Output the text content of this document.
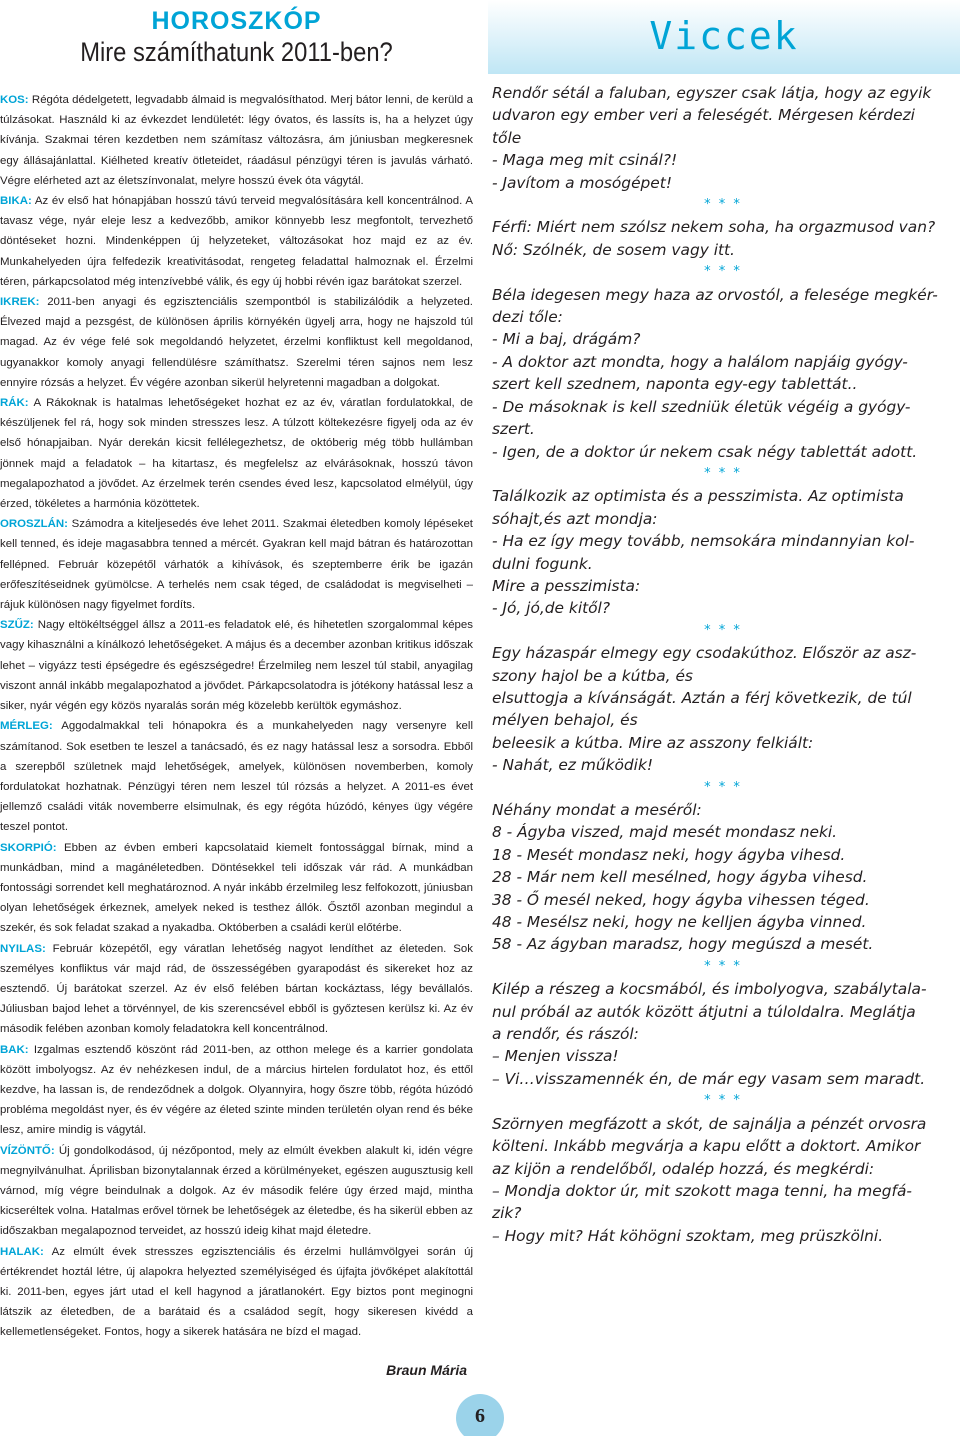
HOROSZKÓP
Mire számíthatunk 2011-ben?
KOS: Régóta dédelgetett, legvadabb álmaid is megvalósíthatod. Merj bátor lenni, de kerüld a túlzásokat. Használd ki az évkezdet lendületét: légy óvatos, és lassíts is, ha a helyzet úgy kívánja. Szakmai téren kezdetben nem számítasz változásra, ám júniusban megkeresnek egy állásajánlattal. Kiélheted kreatív ötleteidet, ráadásul pénzügyi téren is javulás várható. Végre elérheted azt az életszínvonalat, melyre hosszú évek óta vágytál.
BIKA: Az év első hat hónapjában hosszú távú terveid megvalósítására kell koncentrálnod. A tavasz vége, nyár eleje lesz a kedvezőbb, amikor könnyebb lesz megfontolt, tervezhető döntéseket hozni. Mindenképpen új helyzeteket, változásokat hoz majd ez az év. Munkahelyeden újra felfedezik kreativitásodat, rengeteg feladattal halmoznak el. Érzelmi téren, párkapcsolatod még intenzívebbé válik, és egy új hobbi révén igaz barátokat szerzel.
IKREK: 2011-ben anyagi és egzisztenciális szempontból is stabilizálódik a helyzeted. Élvezed majd a pezsgést, de különösen április környékén ügyelj arra, hogy ne hajszold túl magad. Az év vége felé sok megoldandó helyzetet, érzelmi konfliktust kell megoldanod, ugyanakkor komoly anyagi fellendülésre számíthatsz. Szerelmi téren sajnos nem lesz ennyire rózsás a helyzet. Év végére azonban sikerül helyretenni magadban a dolgokat.
RÁK: A Rákoknak is hatalmas lehetőségeket hozhat ez az év, váratlan fordulatokkal, de készüljenek fel rá, hogy sok minden stresszes lesz. A túlzott költekezésre figyelj oda az év első hónapjaiban. Nyár derekán kicsit fellélegezhetsz, de októberig még több hullámban jönnek majd a feladatok – ha kitartasz, és megfelelsz az elvárásoknak, hosszú távon megalapozhatod a jövődet. Az érzelmek terén csendes éved lesz, kapcsolatod elmélyül, úgy érzed, tökéletes a harmónia közöttetek.
OROSZLÁN: Számodra a kiteljesedés éve lehet 2011. Szakmai életedben komoly lépéseket kell tenned, és ideje magasabbra tenned a mércét. Gyakran kell majd bátran és határozottan fellépned. Február közepétől várhatók a kihívások, és szeptemberre érik be igazán erőfeszítéseidnek gyümölcse. A terhelés nem csak téged, de családodat is megviselheti – rájuk különösen nagy figyelmet fordíts.
SZŰZ: Nagy eltökéltséggel állsz a 2011-es feladatok elé, és hihetetlen szorgalommal képes vagy kihasználni a kínálkozó lehetőségeket. A május és a december azonban kritikus időszak lehet – vigyázz testi épségedre és egészségedre! Érzelmileg nem leszel túl stabil, anyagilag viszont annál inkább megalapozhatod a jövődet. Párkapcsolatodra is jótékony hatással lesz a siker, nyár végén egy közös nyaralás során még közelebb kerültök egymáshoz.
MÉRLEG: Aggodalmakkal teli hónapokra és a munkahelyeden nagy versenyre kell számítanod. Sok esetben te leszel a tanácsadó, és ez nagy hatással lesz a sorsodra. Ebből a szerepből születnek majd lehetőségek, amelyek, különösen novemberben, komoly fordulatokat hozhatnak. Pénzügyi téren nem leszel túl rózsás a helyzet. A 2011-es évet jellemző családi viták novemberre elsimulnak, és egy régóta húzódó, kényes ügy végére teszel pontot.
SKORPIÓ: Ebben az évben emberi kapcsolataid kiemelt fontossággal bírnak, mind a munkádban, mind a magánéletedben. Döntésekkel teli időszak vár rád. A munkádban fontossági sorrendet kell meghatároznod. A nyár inkább érzelmileg lesz felfokozott, júniusban olyan lehetőségek érkeznek, amelyek neked is testhez állók. Ősztől azonban megindul a szekér, és sok feladat szakad a nyakadba. Októberben a családi kerül előtérbe.
NYILAS: Február közepétől, egy váratlan lehetőség nagyot lendíthet az életeden. Sok személyes konfliktus vár majd rád, de összességében gyarapodást és sikereket hoz az esztendő. Új barátokat szerzel. Az év első felében bártan kockáztass, légy bevállalós. Júliusban bajod lehet a törvénnyel, de kis szerencsével ebből is győztesen kerülsz ki. Az év második felében azonban komoly feladatokra kell koncentrálnod.
BAK: Izgalmas esztendő köszönt rád 2011-ben, az otthon melege és a karrier gondolata között imbolyogsz. Az év nehézkesen indul, de a március hirtelen fordulatot hoz, és ettől kezdve, ha lassan is, de rendeződnek a dolgok. Olyannyira, hogy őszre több, régóta húzódó probléma megoldást nyer, és év végére az életed szinte minden területén olyan rend és béke lesz, amire mindig is vágytál.
VÍZÖNTŐ: Új gondolkodásod, új nézőpontod, mely az elmúlt években alakult ki, idén végre megnyilvánulhat. Áprilisban bizonytalannak érzed a körülményeket, egészen augusztusig kell várnod, míg végre beindulnak a dolgok. Az év második felére úgy érzed majd, mintha kicseréltek volna. Hatalmas erővel törnek be lehetőségek az életedbe, és ha sikerül ebben az időszakban megalapoznod terveidet, az hosszú ideig kihat majd életedre.
HALAK: Az elmúlt évek stresszes egzisztenciális és érzelmi hullámvölgyei során új értékrendet hoztál létre, új alapokra helyezted személyiséged és újfajta jövőképet alakítottál ki. 2011-ben, egyes járt utad el kell hagynod a járatlanokért. Egy biztos pont meginogni látszik az életedben, de a barátaid és a családod segít, hogy sikeresen kivédd a kellemetlenségeket. Fontos, hogy a sikerek hatására ne bízd el magad.
Braun Mária
Viccek
Rendőr sétál a faluban, egyszer csak látja, hogy az egyik
udvaron egy ember veri a feleségét. Mérgesen kérdezi
tőle
- Maga meg mit csinál?!
- Javítom a mosógépet!
* * *
Férfi: Miért nem szólsz nekem soha, ha orgazmusod van?
Nő: Szólnék, de sosem vagy itt.
* * *
Béla idegesen megy haza az orvostól, a felesége megkér-
dezi tőle:
- Mi a baj, drágám?
- A doktor azt mondta, hogy a halálom napjáig gyógy-
szert kell szednem, naponta egy-egy tablettát..
- De másoknak is kell szedniük életük végéig a gyógy-
szert.
- Igen, de a doktor úr nekem csak négy tablettát adott.
* * *
Találkozik az optimista és a pesszimista. Az optimista
sóhajt,és azt mondja:
- Ha ez így megy tovább, nemsokára mindannyian kol-
dulni fogunk.
Mire a pesszimista:
- Jó, jó,de kitől?
* * *
Egy házaspár elmegy egy csodakúthoz. Először az asz-
szony hajol be a kútba, és
elsuttogja a kívánságát. Aztán a férj következik, de túl
mélyen behajol, és
beleesik a kútba. Mire az asszony felkiált:
- Nahát, ez működik!
* * *
Néhány mondat a meséről:
8 - Ágyba viszed, majd mesét mondasz neki.
18 - Mesét mondasz neki, hogy ágyba vihesd.
28 - Már nem kell mesélned, hogy ágyba vihesd.
38 - Ő mesél neked, hogy ágyba vihessen téged.
48 - Mesélsz neki, hogy ne kelljen ágyba vinned.
58 - Az ágyban maradsz, hogy megúszd a mesét.
* * *
Kilép a részeg a kocsmából, és imbolyogva, szabálytala-
nul próbál az autók között átjutni a túloldalra. Meglátja
a rendőr, és rászól:
– Menjen vissza!
– Vi…visszamennék én, de már egy vasam sem maradt.
* * *
Szörnyen megfázott a skót, de sajnálja a pénzét orvosra
költeni. Inkább megvárja a kapu előtt a doktort. Amikor
az kijön a rendelőből, odalép hozzá, és megkérdi:
– Mondja doktor úr, mit szokott maga tenni, ha megfá-
zik?
– Hogy mit? Hát köhögni szoktam, meg prüszkölni.
6
